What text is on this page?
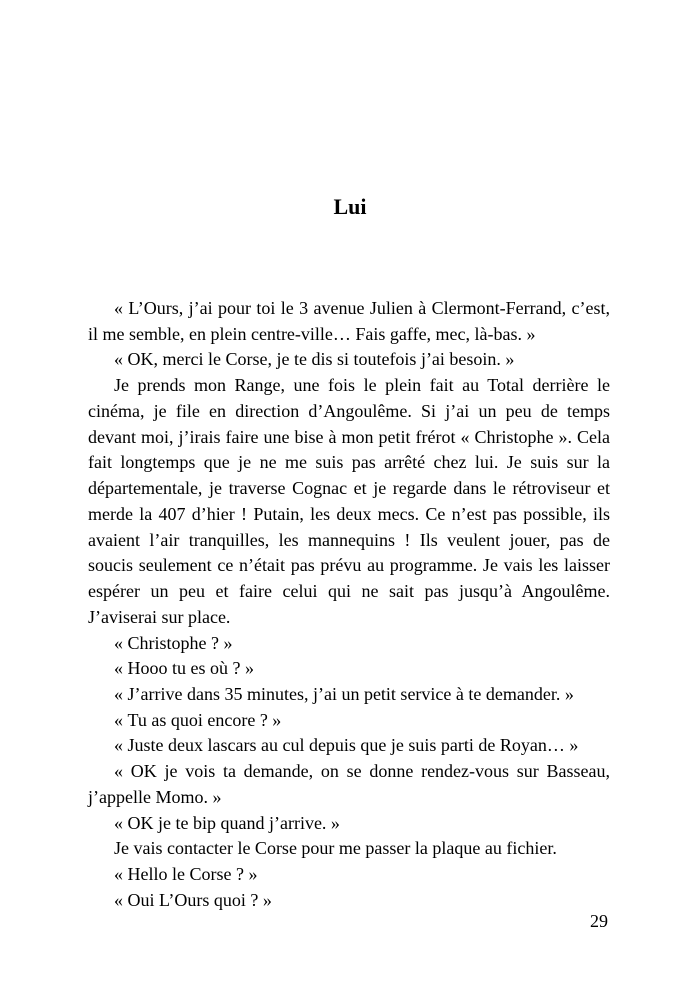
Lui

« L’Ours, j’ai pour toi le 3 avenue Julien à Clermont-Ferrand, c’est, il me semble, en plein centre-ville… Fais gaffe, mec, là-bas. »

« OK, merci le Corse, je te dis si toutefois j’ai besoin. »

Je prends mon Range, une fois le plein fait au Total derrière le cinéma, je file en direction d’Angoulême. Si j’ai un peu de temps devant moi, j’irais faire une bise à mon petit frérot « Christophe ». Cela fait longtemps que je ne me suis pas arrêté chez lui. Je suis sur la départementale, je traverse Cognac et je regarde dans le rétroviseur et merde la 407 d’hier ! Putain, les deux mecs. Ce n’est pas possible, ils avaient l’air tranquilles, les mannequins ! Ils veulent jouer, pas de soucis seulement ce n’était pas prévu au programme. Je vais les laisser espérer un peu et faire celui qui ne sait pas jusqu’à Angoulême. J’aviserai sur place.

« Christophe ? »

« Hooo tu es où ? »

« J’arrive dans 35 minutes, j’ai un petit service à te demander. »

« Tu as quoi encore ? »

« Juste deux lascars au cul depuis que je suis parti de Royan… »

« OK je vois ta demande, on se donne rendez-vous sur Basseau, j’appelle Momo. »

« OK je te bip quand j’arrive. »

Je vais contacter le Corse pour me passer la plaque au fichier.

« Hello le Corse ? »

« Oui L’Ours quoi ? »

29
